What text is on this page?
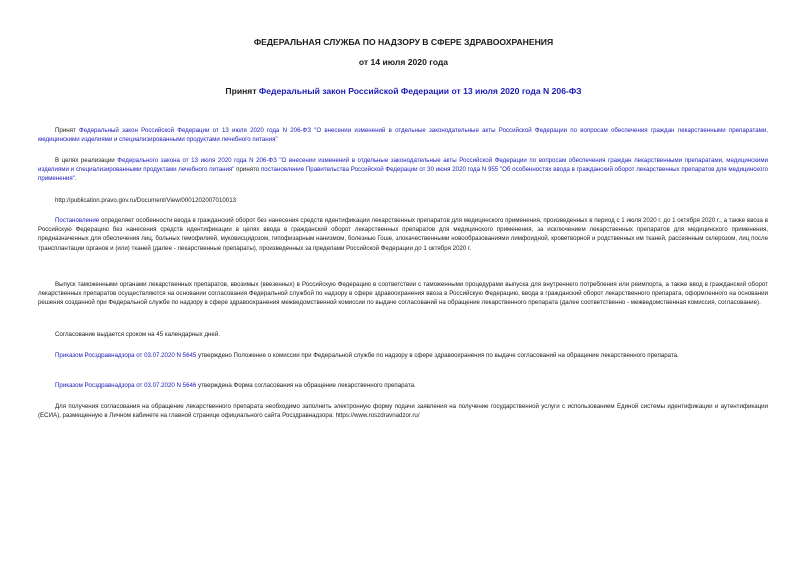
ФЕДЕРАЛЬНАЯ СЛУЖБА ПО НАДЗОРУ В СФЕРЕ ЗДРАВООХРАНЕНИЯ
от 14 июля 2020 года
Принят Федеральный закон Российской Федерации от 13 июля 2020 года N 206-ФЗ

Принят Федеральный закон Российской Федерации от 13 июля 2020 года N 206-ФЗ "О внесении изменений в отдельные законодательные акты Российской Федерации по вопросам обеспечения граждан лекарственными препаратами, медицинскими изделиями и специализированными продуктами лечебного питания"

В целях реализации Федерального закона от 13 июля 2020 года N 206-ФЗ "О внесении изменений в отдельные законодательные акты Российской Федерации по вопросам обеспечения граждан лекарственными препаратами, медицинскими изделиями и специализированными продуктами лечебного питания" принято постановление Правительства Российской Федерации от 30 июня 2020 года N 955 "Об особенностях ввода в гражданский оборот лекарственных препаратов для медицинского применения".

http://publication.pravo.gov.ru/Document/View/0001202007010013

Постановление определяет особенности ввода в гражданский оборот без нанесения средств идентификации лекарственных препаратов для медицинского применения, произведенных в период с 1 июля 2020 г. до 1 октября 2020 г., а также ввоза в Российскую Федерацию без нанесения средств идентификации в целях ввода в гражданский оборот лекарственных препаратов для медицинского применения, за исключением лекарственных препаратов для медицинского применения, предназначенных для обеспечения лиц, больных гемофилией, муковисцидозом, гипофизарным нанизмом, болезнью Гоше, злокачественными новообразованиями лимфоидной, кроветворной и родственных им тканей, рассеянным склерозом, лиц после трансплантации органов и (или) тканей (далее - лекарственные препараты), произведенных за пределами Российской Федерации до 1 октября 2020 г.

Выпуск таможенными органами лекарственных препаратов, ввозимых (ввезенных) в Российскую Федерацию в соответствии с таможенными процедурами выпуска для внутреннего потребления или реимпорта, а также ввод в гражданский оборот лекарственных препаратов осуществляются на основании согласования Федеральной службой по надзору в сфере здравоохранения ввоза в Российскую Федерацию, ввода в гражданский оборот лекарственного препарата, оформленного на основании решения созданной при Федеральной службе по надзору в сфере здравоохранения межведомственной комиссии по выдаче согласований на обращение лекарственного препарата (далее соответственно - межведомственная комиссия, согласование).

Согласование выдается сроком на 45 календарных дней.

Приказом Росздравнадзора от 03.07.2020 N 5645 утверждено Положение о комиссии при Федеральной службе по надзору в сфере здравоохранения по выдаче согласований на обращение лекарственного препарата.

Приказом Росздравнадзора от 03.07.2020 N 5646 утверждена Форма согласования на обращение лекарственного препарата.

Для получения согласования на обращение лекарственного препарата необходимо заполнить электронную форму подачи заявления на получение государственной услуги с использованием Единой системы идентификации и аутентификации (ЕСИА), размещенную в Личном кабинете на главной странице официального сайта Росздравнадзора: https://www.roszdravnadzor.ru/
